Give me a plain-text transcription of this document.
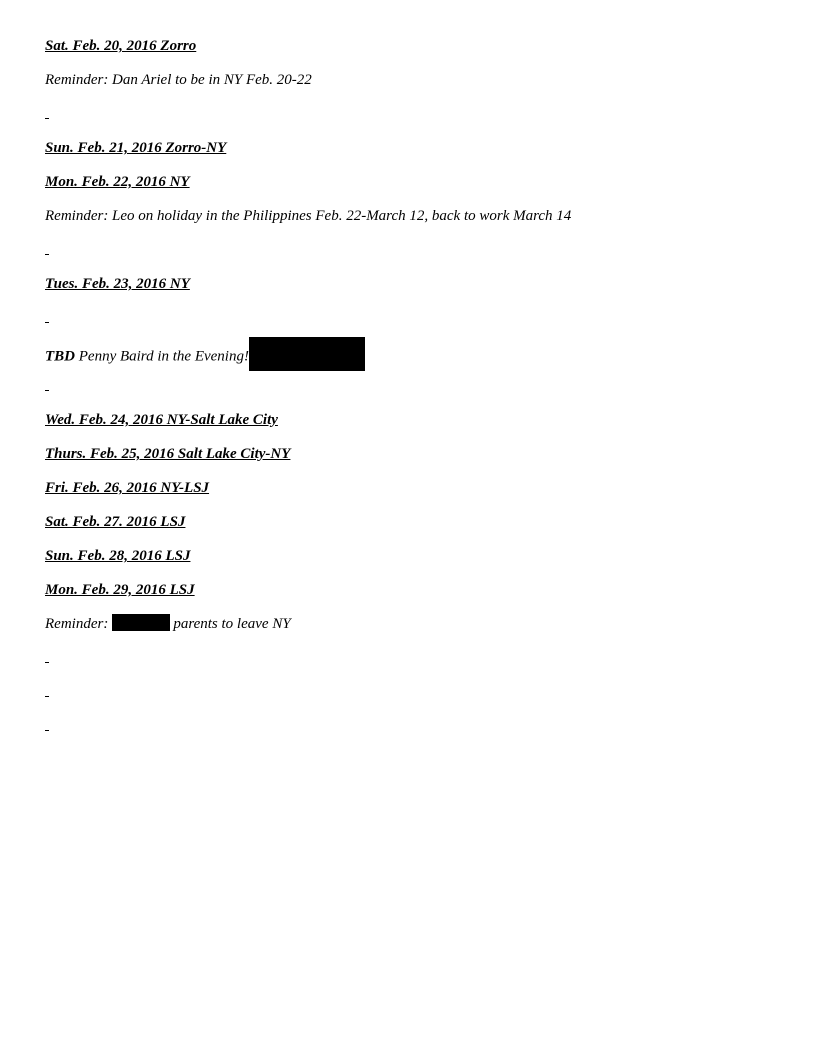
Sat. Feb. 20, 2016 Zorro
Reminder: Dan Ariel to be in NY Feb. 20-22
Sun. Feb. 21, 2016 Zorro-NY
Mon. Feb. 22, 2016 NY
Reminder: Leo on holiday in the Philippines Feb. 22-March 12, back to work March 14
Tues. Feb. 23, 2016 NY
TBD Penny Baird in the Evening!
Wed. Feb. 24, 2016 NY-Salt Lake City
Thurs. Feb. 25, 2016 Salt Lake City-NY
Fri. Feb. 26, 2016 NY-LSJ
Sat. Feb. 27. 2016 LSJ
Sun. Feb. 28, 2016 LSJ
Mon. Feb. 29, 2016 LSJ
Reminder:	parents to leave NY
